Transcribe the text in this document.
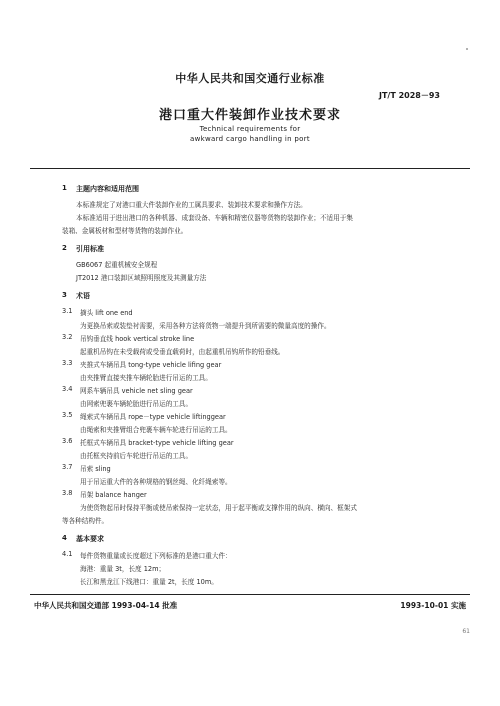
中华人民共和国交通行业标准
JT/T 2028－93
港口重大件装卸作业技术要求
Technical requirements for
awkward cargo handling in port
1 主题内容和适用范围
本标准规定了对港口重大件装卸作业的工属具要求、装卸技术要求和操作方法。
本标准适用于进出港口的各种机器、成套设备、车辆和精密仪器等货物的装卸作业；不适用于集
装箱、金属板材和型材等货物的装卸作业。
2 引用标准
GB6067 起重机械安全规程
JT2012 港口装卸区域照明照度及其测量方法
3 术语
3.1 摘头 lift one end
为更换吊索或装垫衬需要，采用各种方法将货物一端提升到所需要的微量高度的操作。
3.2 吊钩垂直线 hook vertical stroke line
起重机吊钩在未受载荷或受垂直载荷时，由起重机吊钩所作的铅垂线。
3.3 夹推式车辆吊具 tong-type vehicle lifing gear
由夹推臂直接夹推车辆轮胎进行吊运的工具。
3.4 网系车辆吊具 vehicle net sling gear
由网索兜裹车辆轮胎进行吊运的工具。
3.5 绳索式车辆吊具 rope－type vehicle liftinggear
由绳索和夹推臂组合兜裹车辆车轮进行吊运的工具。
3.6 托框式车辆吊具 bracket-type vehicle lifting gear
由托框夹持前后车轮进行吊运的工具。
3.7 吊索 sling
用于吊运重大件的各种规格的钢丝绳、化纤绳索等。
3.8 吊架 balance hanger
为使货物起吊时保持平衡或使吊索保持一定状态，用于起平衡或支撑作用的纵向、横向、框架式
等各种结构件。
4 基本要求
4.1 每件货物重量或长度超过下列标准的是港口重大件：
海港：重量 3t，长度 12m；
长江和黑龙江下线港口：重量 2t，长度 10m。
中华人民共和国交通部 1993-04-14 批准	1993-10-01 实施
61
